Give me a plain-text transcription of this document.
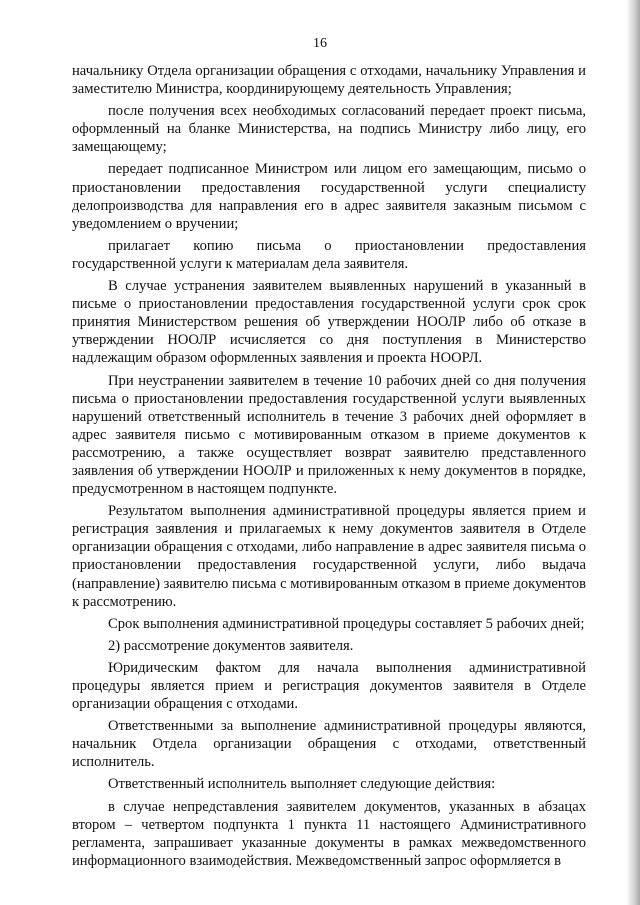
16

начальнику Отдела организации обращения с отходами, начальнику Управления и заместителю Министра, координирующему деятельность Управления;

после получения всех необходимых согласований передает проект письма, оформленный на бланке Министерства, на подпись Министру либо лицу, его замещающему;

передает подписанное Министром или лицом его замещающим, письмо о приостановлении предоставления государственной услуги специалисту делопроизводства для направления его в адрес заявителя заказным письмом с уведомлением о вручении;

прилагает копию письма о приостановлении предоставления государственной услуги к материалам дела заявителя.

В случае устранения заявителем выявленных нарушений в указанный в письме о приостановлении предоставления государственной услуги срок срок принятия Министерством решения об утверждении НООЛР либо об отказе в утверждении НООЛР исчисляется со дня поступления в Министерство надлежащим образом оформленных заявления и проекта НООРЛ.

При неустранении заявителем в течение 10 рабочих дней со дня получения письма о приостановлении предоставления государственной услуги выявленных нарушений ответственный исполнитель в течение 3 рабочих дней оформляет в адрес заявителя письмо с мотивированным отказом в приеме документов к рассмотрению, а также осуществляет возврат заявителю представленного заявления об утверждении НООЛР и приложенных к нему документов в порядке, предусмотренном в настоящем подпункте.

Результатом выполнения административной процедуры является прием и регистрация заявления и прилагаемых к нему документов заявителя в Отделе организации обращения с отходами, либо направление в адрес заявителя письма о приостановлении предоставления государственной услуги, либо выдача (направление) заявителю письма с мотивированным отказом в приеме документов к рассмотрению.

Срок выполнения административной процедуры составляет 5 рабочих дней;

2) рассмотрение документов заявителя.

Юридическим фактом для начала выполнения административной процедуры является прием и регистрация документов заявителя в Отделе организации обращения с отходами.

Ответственными за выполнение административной процедуры являются, начальник Отдела организации обращения с отходами, ответственный исполнитель.

Ответственный исполнитель выполняет следующие действия:

в случае непредставления заявителем документов, указанных в абзацах втором – четвертом подпункта 1 пункта 11 настоящего Административного регламента, запрашивает указанные документы в рамках межведомственного информационного взаимодействия. Межведомственный запрос оформляется в
